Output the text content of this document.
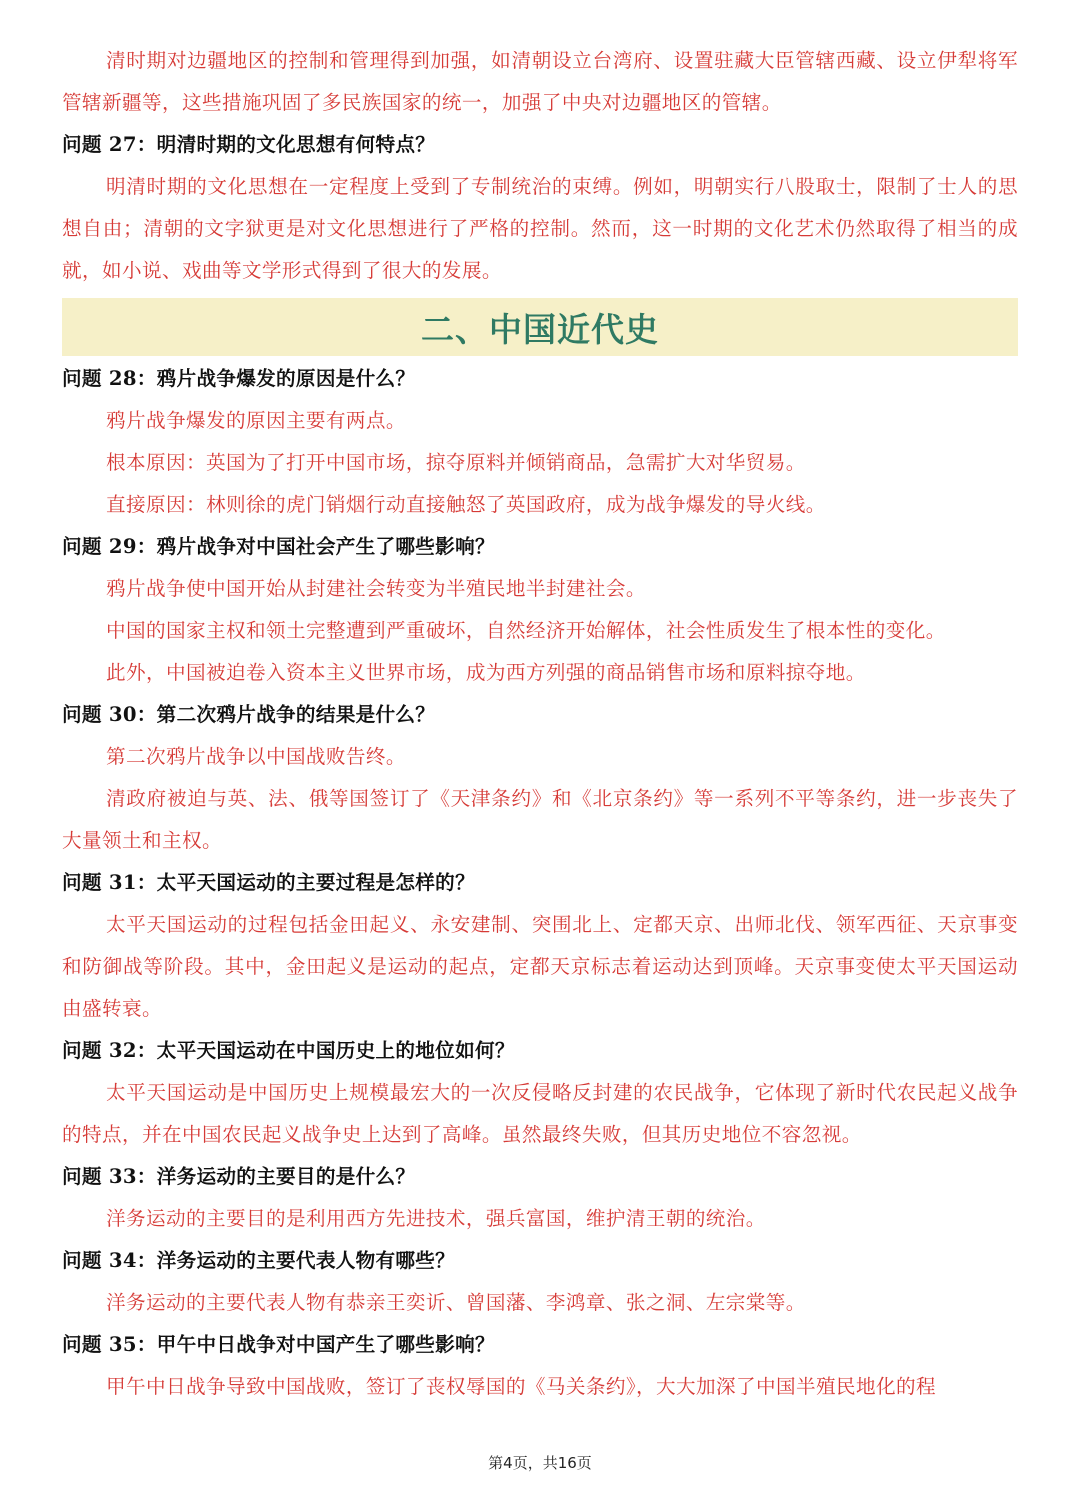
清时期对边疆地区的控制和管理得到加强，如清朝设立台湾府、设置驻藏大臣管辖西藏、设立伊犁将军管辖新疆等，这些措施巩固了多民族国家的统一，加强了中央对边疆地区的管辖。

问题 27：明清时期的文化思想有何特点？

明清时期的文化思想在一定程度上受到了专制统治的束缚。例如，明朝实行八股取士，限制了士人的思想自由；清朝的文字狱更是对文化思想进行了严格的控制。然而，这一时期的文化艺术仍然取得了相当的成就，如小说、戏曲等文学形式得到了很大的发展。

二、中国近代史

问题 28：鸦片战争爆发的原因是什么？

鸦片战争爆发的原因主要有两点。

根本原因：英国为了打开中国市场，掠夺原料并倾销商品，急需扩大对华贸易。

直接原因：林则徐的虎门销烟行动直接触怒了英国政府，成为战争爆发的导火线。

问题 29：鸦片战争对中国社会产生了哪些影响？

鸦片战争使中国开始从封建社会转变为半殖民地半封建社会。

中国的国家主权和领土完整遭到严重破坏，自然经济开始解体，社会性质发生了根本性的变化。

此外，中国被迫卷入资本主义世界市场，成为西方列强的商品销售市场和原料掠夺地。

问题 30：第二次鸦片战争的结果是什么？

第二次鸦片战争以中国战败告终。

清政府被迫与英、法、俄等国签订了《天津条约》和《北京条约》等一系列不平等条约，进一步丧失了大量领土和主权。

问题 31：太平天国运动的主要过程是怎样的？

太平天国运动的过程包括金田起义、永安建制、突围北上、定都天京、出师北伐、领军西征、天京事变和防御战等阶段。其中，金田起义是运动的起点，定都天京标志着运动达到顶峰。天京事变使太平天国运动由盛转衰。

问题 32：太平天国运动在中国历史上的地位如何？

太平天国运动是中国历史上规模最宏大的一次反侵略反封建的农民战争，它体现了新时代农民起义战争的特点，并在中国农民起义战争史上达到了高峰。虽然最终失败，但其历史地位不容忽视。

问题 33：洋务运动的主要目的是什么？

洋务运动的主要目的是利用西方先进技术，强兵富国，维护清王朝的统治。

问题 34：洋务运动的主要代表人物有哪些？

洋务运动的主要代表人物有恭亲王奕䜣、曾国藩、李鸿章、张之洞、左宗棠等。

问题 35：甲午中日战争对中国产生了哪些影响？

甲午中日战争导致中国战败，签订了丧权辱国的《马关条约》，大大加深了中国半殖民地化的程

第4页，共16页
